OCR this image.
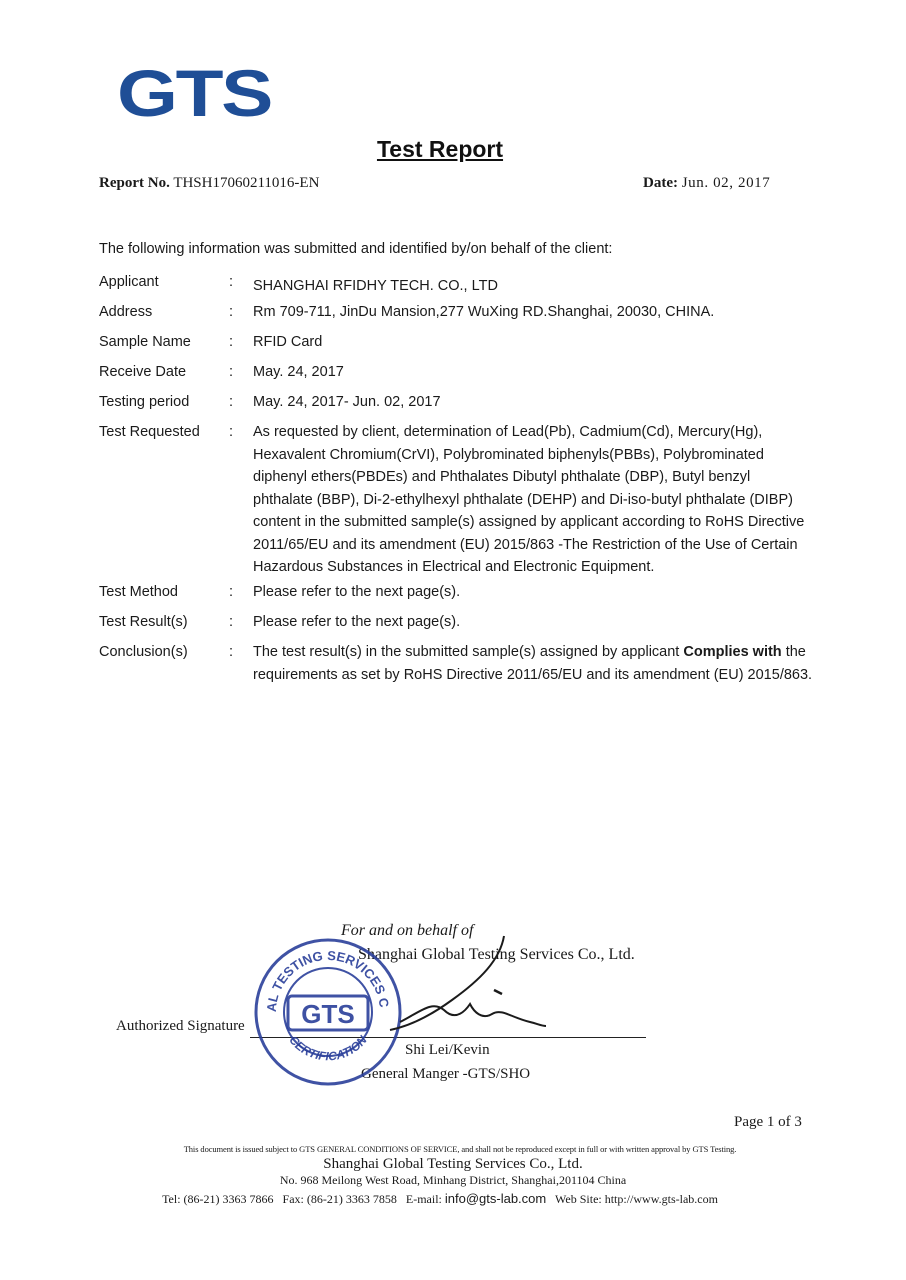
GTS
Test Report
Report No. THSH17060211016-EN	Date: Jun. 02, 2017
The following information was submitted and identified by/on behalf of the client:
Applicant	:	SHANGHAI RFIDHY TECH. CO., LTD
Address	:	Rm 709-711, JinDu Mansion,277 WuXing RD.Shanghai, 20030, CHINA.
Sample Name	:	RFID Card
Receive Date	:	May. 24, 2017
Testing period	:	May. 24, 2017- Jun. 02, 2017
Test Requested	:	As requested by client, determination of Lead(Pb), Cadmium(Cd), Mercury(Hg), Hexavalent Chromium(CrVI), Polybrominated biphenyls(PBBs), Polybrominated diphenyl ethers(PBDEs) and Phthalates Dibutyl phthalate (DBP), Butyl benzyl phthalate (BBP), Di-2-ethylhexyl phthalate (DEHP) and Di-iso-butyl phthalate (DIBP) content in the submitted sample(s) assigned by applicant according to RoHS Directive 2011/65/EU and its amendment (EU) 2015/863 -The Restriction of the Use of Certain Hazardous Substances in Electrical and Electronic Equipment.
Test Method	:	Please refer to the next page(s).
Test Result(s)	:	Please refer to the next page(s).
Conclusion(s)	:	The test result(s) in the submitted sample(s) assigned by applicant Complies with the requirements as set by RoHS Directive 2011/65/EU and its amendment (EU) 2015/863.
For and on behalf of
Shanghai Global Testing Services Co., Ltd.
Authorized Signature
Shi Lei/Kevin
General Manger -GTS/SHO
AL TESTING SERVICES C
CERTIFICATION
GTS
Page 1 of 3
This document is issued subject to GTS GENERAL CONDITIONS OF SERVICE, and shall not be reproduced except in full or with written approval by GTS Testing.
Shanghai Global Testing Services Co., Ltd.
No. 968 Meilong West Road, Minhang District, Shanghai,201104 China
Tel: (86-21) 3363 7866 Fax: (86-21) 3363 7858 E-mail: info@gts-lab.com Web Site: http://www.gts-lab.com
